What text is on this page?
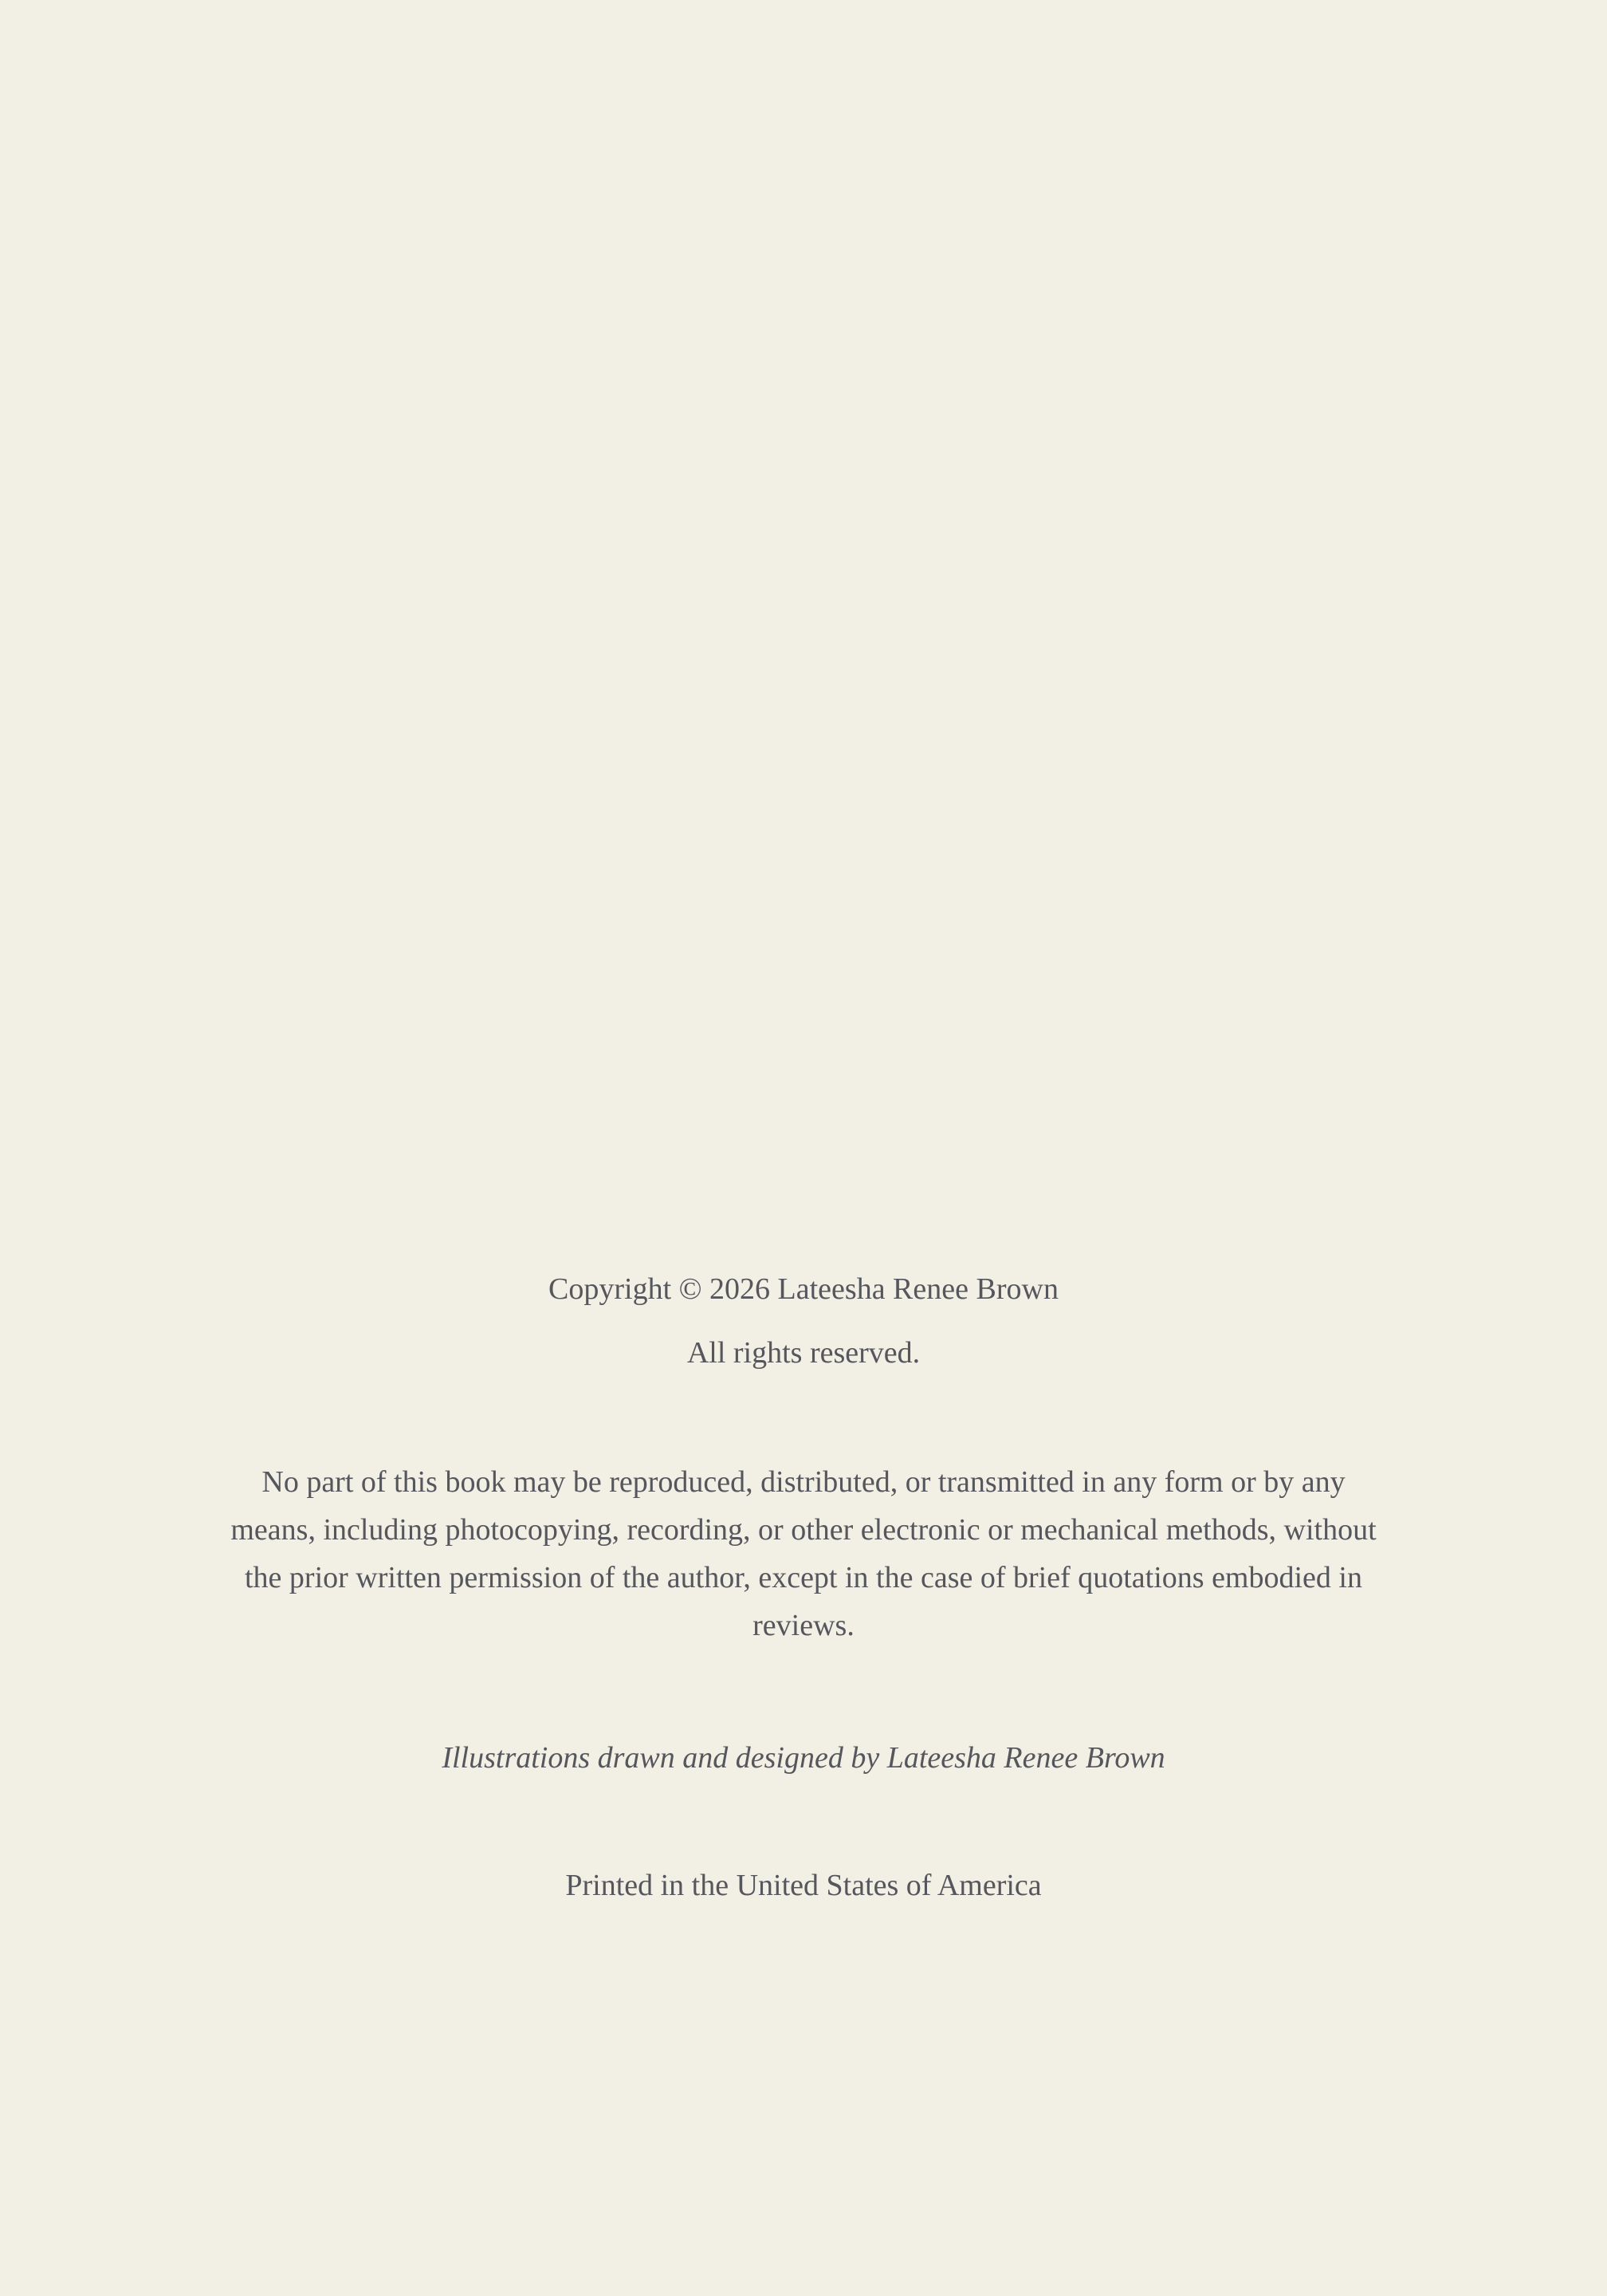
Copyright © 2026 Lateesha Renee Brown

All rights reserved.

No part of this book may be reproduced, distributed, or transmitted in any form or by any means, including photocopying, recording, or other electronic or mechanical methods, without the prior written permission of the author, except in the case of brief quotations embodied in reviews.

Illustrations drawn and designed by Lateesha Renee Brown

Printed in the United States of America
